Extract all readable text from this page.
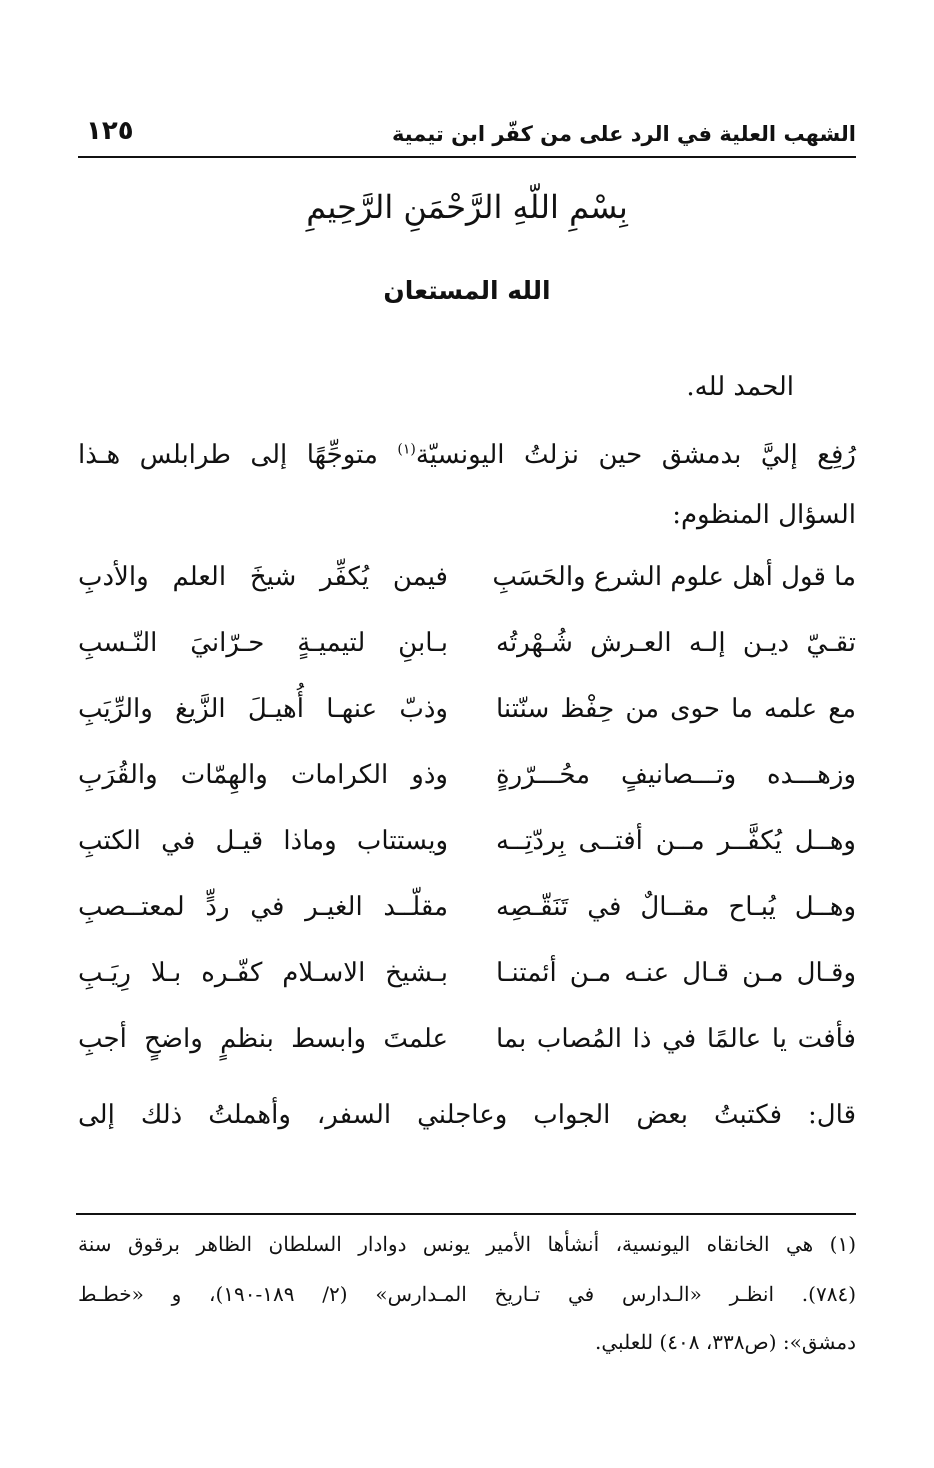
الشهب العلية في الرد على من كفّر ابن تيمية
١٢٥
بِسْمِ اللّهِ الرَّحْمَنِ الرَّحِيمِ
الله المستعان
الحمد لله.
رُفِع إليَّ بدمشق حين نزلتُ اليونسيّة$^{(١)}$ متوجِّهًا إلى طرابلس هـذا
السؤال المنظوم:
ما قول أهل علوم الشرع والحَسَبِ
فيمن يُكفِّر شيخَ العلم والأدبِ
تقـيّ ديـن إلـه العـرش شُـهْرتُه
بـابنِ لتيميـةٍ حـرّانيَ النّـسبِ
مع علمه ما حوى من حِفْظ سنّتنا
وذبّ عنهـا أُهيـلَ الزَّيغ والرِّيَبِ
وزهـــده وتـــصانيفٍ محُـــرّرةٍ
وذو الكرامات والهِمّات والقُرَبِ
وهــل يُكفَّــر مــن أفتــى بِردّتِــه
ويستتاب وماذا قيـل في الكتبِ
وهــل يُبـاح مقــالٌ في تَنَقّـصِه
مقلّــد الغيـر في ردٍّ لمعتــصبِ
وقـال مـن قـال عنـه مـن أئمتنـا
بـشيخ الاسـلام كفّـره بـلا رِيَـبِ
فأفت يا عالمًا في ذا المُصاب بما
علمتَ وابسط بنظمٍ واضحٍ أجبِ
قال: فكتبتُ بعض الجواب وعاجلني السفر، وأهملتُ ذلك إلى
(١) هي الخانقاه اليونسية، أنشأها الأمير يونس دوادار السلطان الظاهر برقوق سنة
(٧٨٤). انظـر «الـدارس في تـاريخ المـدارس» (٢/ ١٨٩-١٩٠)، و «خطـط
دمشق»: (ص٣٣٨، ٤٠٨) للعلبي.
